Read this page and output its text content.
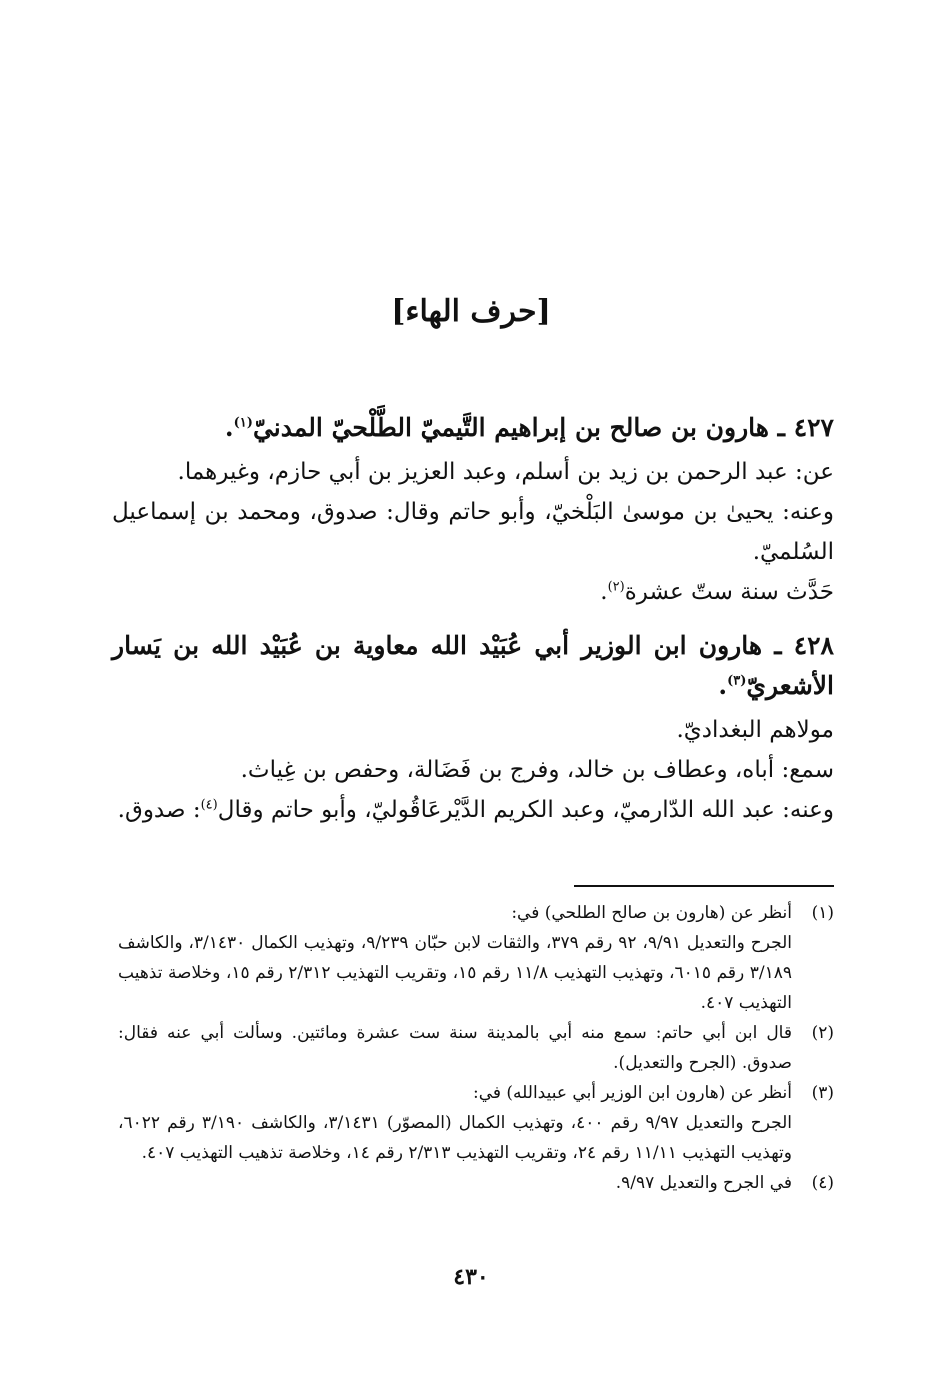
[حرف الهاء]
٤٢٧ ـ هارون بن صالح بن إبراهيم التَّيميّ الطَّلْحيّ المدنيّ$^{(١)}$.

عن: عبد الرحمن بن زيد بن أسلم، وعبد العزيز بن أبي حازم، وغيرهما.

وعنه: يحيىٰ بن موسىٰ البَلْخيّ، وأبو حاتم وقال: صدوق، ومحمد بن إسماعيل السُلميّ.

حَدَّث سنة ستّ عشرة$^{(٢)}$.

٤٢٨ ـ هارون ابن الوزير أبي عُبَيْد الله معاوية بن عُبَيْد الله بن يَسار الأشعريّ$^{(٣)}$.

مولاهم البغداديّ.

سمع: أباه، وعطاف بن خالد، وفرج بن فَضَالة، وحفص بن غِياث.

وعنه: عبد الله الدّارميّ، وعبد الكريم الدَّيْرعَاقُوليّ، وأبو حاتم وقال$^{(٤)}$: صدوق.

(١)
أنظر عن (هارون بن صالح الطلحي) في:
الجرح والتعديل ٩/٩١، ٩٢ رقم ٣٧٩، والثقات لابن حبّان ٩/٢٣٩، وتهذيب الكمال ٣/١٤٣٠، والكاشف ٣/١٨٩ رقم ٦٠١٥، وتهذيب التهذيب ١١/٨ رقم ١٥، وتقريب التهذيب ٢/٣١٢ رقم ١٥، وخلاصة تذهيب التهذيب ٤٠٧.
(٢)
قال ابن أبي حاتم: سمع منه أبي بالمدينة سنة ست عشرة ومائتين. وسألت أبي عنه فقال: صدوق. (الجرح والتعديل).
(٣)
أنظر عن (هارون ابن الوزير أبي عبيدالله) في:
الجرح والتعديل ٩/٩٧ رقم ٤٠٠، وتهذيب الكمال (المصوّر) ٣/١٤٣١، والكاشف ٣/١٩٠ رقم ٦٠٢٢، وتهذيب التهذيب ١١/١١ رقم ٢٤، وتقريب التهذيب ٢/٣١٣ رقم ١٤، وخلاصة تذهيب التهذيب ٤٠٧.
(٤)
في الجرح والتعديل ٩/٩٧.
٤٣٠
